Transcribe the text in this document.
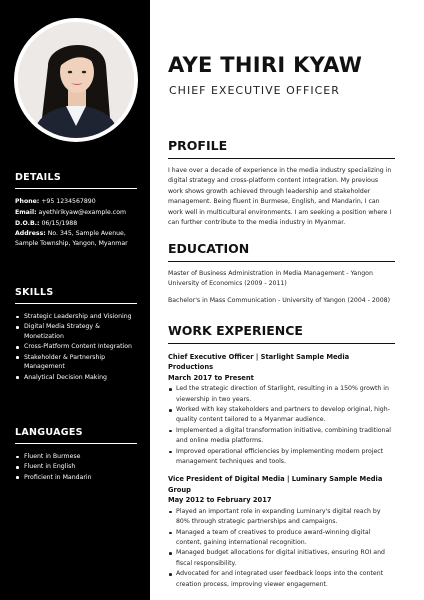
DETAILS

Phone: +95 1234567890

Email: ayethirikyaw@example.com

D.O.B.: 06/15/1988

Address: No. 345, Sample Avenue, Sample Township, Yangon, Myanmar

SKILLS
Strategic Leadership and Visioning
Digital Media Strategy & Monetization
Cross-Platform Content Integration
Stakeholder & Partnership Management
Analytical Decision Making
LANGUAGES
Fluent in Burmese
Fluent in English
Proficient in Mandarin
AYE THIRI KYAW
CHIEF EXECUTIVE OFFICER
PROFILE

I have over a decade of experience in the media industry specializing in digital strategy and cross-platform content integration. My previous work shows growth achieved through leadership and stakeholder management. Being fluent in Burmese, English, and Mandarin, I can work well in multicultural environments. I am seeking a position where I can further contribute to the media industry in Myanmar.

EDUCATION

Master of Business Administration in Media Management - Yangon University of Economics (2009 - 2011)

Bachelor's in Mass Communication - University of Yangon (2004 - 2008)

WORK EXPERIENCE
Chief Executive Officer | Starlight Sample Media Productions
March 2017 to Present
Led the strategic direction of Starlight, resulting in a 150% growth in viewership in two years.
Worked with key stakeholders and partners to develop original, high-quality content tailored to a Myanmar audience.
Implemented a digital transformation initiative, combining traditional and online media platforms.
Improved operational efficiencies by implementing modern project management techniques and tools.
Vice President of Digital Media | Luminary Sample Media Group
May 2012 to February 2017
Played an important role in expanding Luminary's digital reach by 80% through strategic partnerships and campaigns.
Managed a team of creatives to produce award-winning digital content, gaining international recognition.
Managed budget allocations for digital initiatives, ensuring ROI and fiscal responsibility.
Advocated for and integrated user feedback loops into the content creation process, improving viewer engagement.
